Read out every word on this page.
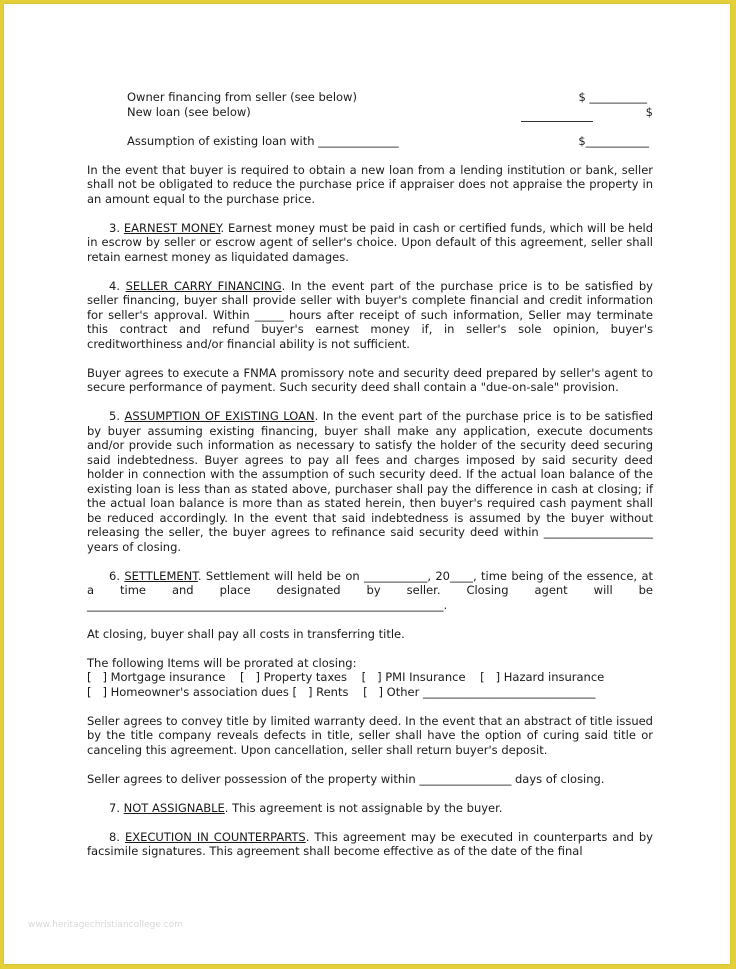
Owner financing from seller (see below)	$ __________
New loan (see below)	$
Assumption of existing loan with ______________	$___________

In the event that buyer is required to obtain a new loan from a lending institution or bank, seller shall not be obligated to reduce the purchase price if appraiser does not appraise the property in an amount equal to the purchase price.

3. EARNEST MONEY. Earnest money must be paid in cash or certified funds, which will be held in escrow by seller or escrow agent of seller's choice. Upon default of this agreement, seller shall retain earnest money as liquidated damages.

4. SELLER CARRY FINANCING. In the event part of the purchase price is to be satisfied by seller financing, buyer shall provide seller with buyer's complete financial and credit information for seller's approval. Within _____ hours after receipt of such information, Seller may terminate this contract and refund buyer's earnest money if, in seller's sole opinion, buyer's creditworthiness and/or financial ability is not sufficient.

Buyer agrees to execute a FNMA promissory note and security deed prepared by seller's agent to secure performance of payment. Such security deed shall contain a "due-on-sale" provision.

5. ASSUMPTION OF EXISTING LOAN. In the event part of the purchase price is to be satisfied by buyer assuming existing financing, buyer shall make any application, execute documents and/or provide such information as necessary to satisfy the holder of the security deed securing said indebtedness. Buyer agrees to pay all fees and charges imposed by said security deed holder in connection with the assumption of such security deed. If the actual loan balance of the existing loan is less than as stated above, purchaser shall pay the difference in cash at closing; if the actual loan balance is more than as stated herein, then buyer's required cash payment shall be reduced accordingly. In the event that said indebtedness is assumed by the buyer without releasing the seller, the buyer agrees to refinance said security deed within ___________________ years of closing.

6. SETTLEMENT. Settlement will held be on ___________, 20____, time being of the essence, at a time and place designated by seller. Closing agent will be ______________________________________________________________.

At closing, buyer shall pay all costs in transferring title.

The following Items will be prorated at closing:

[   ] Mortgage insurance    [   ] Property taxes    [   ] PMI Insurance    [   ] Hazard insurance

[   ] Homeowner's association dues [   ] Rents    [   ] Other ______________________________

Seller agrees to convey title by limited warranty deed. In the event that an abstract of title issued by the title company reveals defects in title, seller shall have the option of curing said title or canceling this agreement. Upon cancellation, seller shall return buyer's deposit.

Seller agrees to deliver possession of the property within ________________ days of closing.

7. NOT ASSIGNABLE. This agreement is not assignable by the buyer.

8. EXECUTION IN COUNTERPARTS. This agreement may be executed in counterparts and by facsimile signatures. This agreement shall become effective as of the date of the final

www.heritagechristiancollege.com
